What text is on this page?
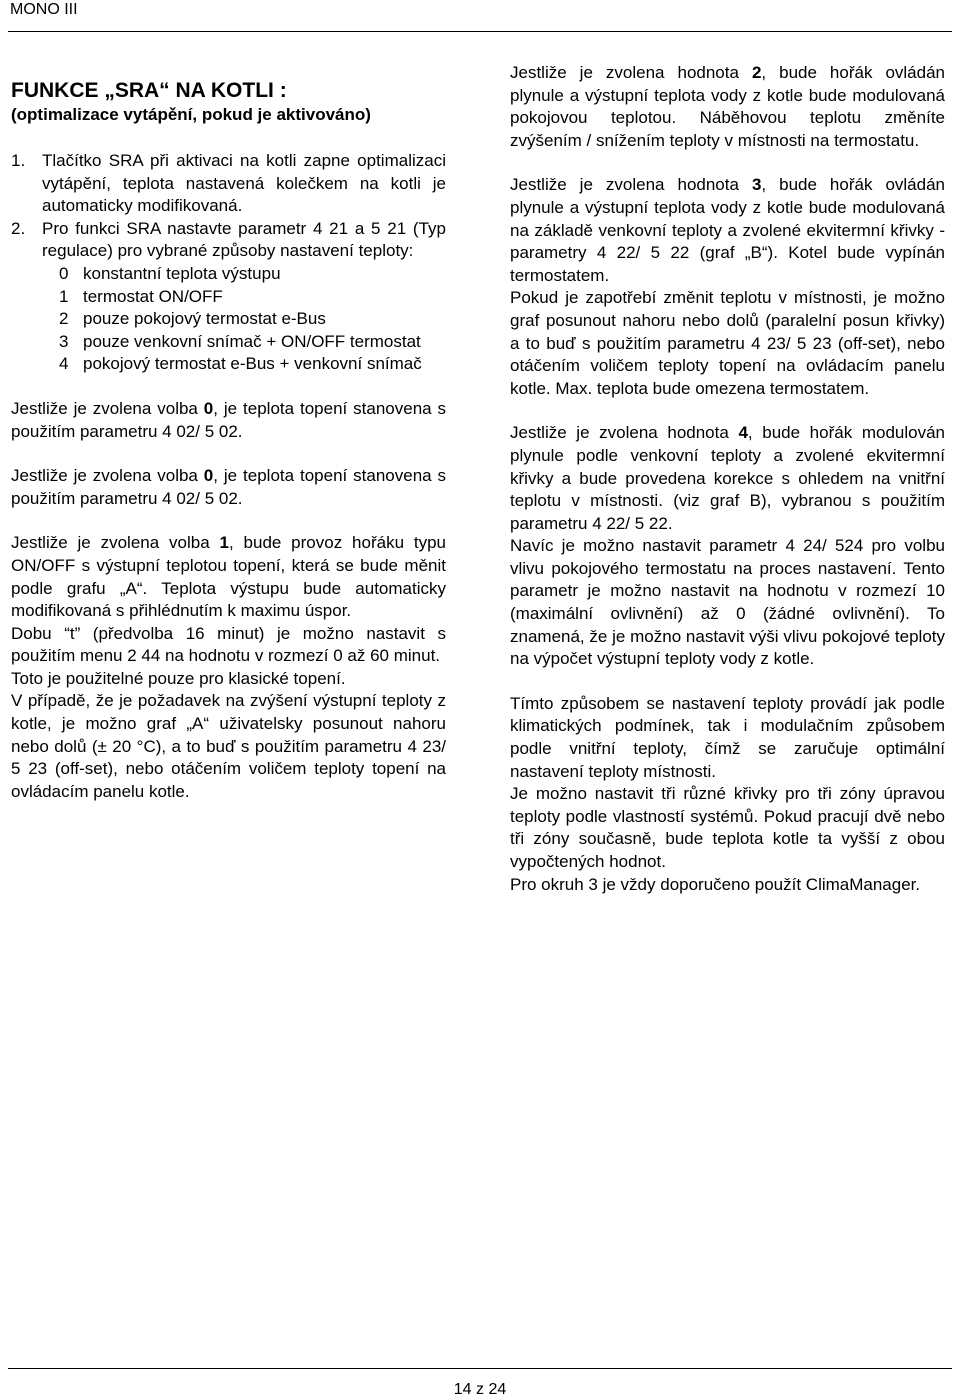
MONO III
FUNKCE „SRA“ NA KOTLI :
(optimalizace vytápění, pokud je aktivováno)
1. Tlačítko SRA při aktivaci na kotli zapne optimalizaci vytápění, teplota nastavená kolečkem na kotli je automaticky modifikovaná.
2. Pro funkci SRA nastavte parametr 4 21 a 5 21 (Typ regulace) pro vybrané způsoby nastavení teploty:
0 konstantní teplota výstupu
1 termostat ON/OFF
2 pouze pokojový termostat e-Bus
3 pouze venkovní snímač + ON/OFF termostat
4 pokojový termostat e-Bus + venkovní snímač
Jestliže je zvolena volba 0, je teplota topení stanovena s použitím parametru 4 02/ 5 02.
Jestliže je zvolena volba 0, je teplota topení stanovena s použitím parametru 4 02/ 5 02.
Jestliže je zvolena volba 1, bude provoz hořáku typu ON/OFF s výstupní teplotou topení, která se bude měnit podle grafu „A“. Teplota výstupu bude automaticky modifikovaná s přihlédnutím k maximu úspor.
Dobu “t” (předvolba 16 minut) je možno nastavit s použitím menu 2 44 na hodnotu v rozmezí 0 až 60 minut.
Toto je použitelné pouze pro klasické topení.
V případě, že je požadavek na zvýšení výstupní teploty z kotle, je možno graf „A“ uživatelsky posunout nahoru nebo dolů (± 20 °C), a to buď s použitím parametru 4 23/ 5 23 (off-set), nebo otáčením voličem teploty topení na ovládacím panelu kotle.
Jestliže je zvolena hodnota 2, bude hořák ovládán plynule a výstupní teplota vody z kotle bude modulovaná pokojovou teplotou. Náběhovou teplotu změníte zvýšením / snížením teploty v místnosti na termostatu.
Jestliže je zvolena hodnota 3, bude hořák ovládán plynule a výstupní teplota vody z kotle bude modulovaná na základě venkovní teploty a zvolené ekvitermní křivky - parametry 4 22/ 5 22 (graf „B“). Kotel bude vypínán termostatem.
Pokud je zapotřebí změnit teplotu v místnosti, je možno graf posunout nahoru nebo dolů (paralelní posun křivky) a to buď s použitím parametru 4 23/ 5 23 (off-set), nebo otáčením voličem teploty topení na ovládacím panelu kotle. Max. teplota bude omezena termostatem.
Jestliže je zvolena hodnota 4, bude hořák modulován plynule podle venkovní teploty a zvolené ekvitermní křivky a bude provedena korekce s ohledem na vnitřní teplotu v místnosti. (viz graf B), vybranou s použitím parametru 4 22/ 5 22.
Navíc je možno nastavit parametr 4 24/ 524 pro volbu vlivu pokojového termostatu na proces nastavení. Tento parametr je možno nastavit na hodnotu v rozmezí 10 (maximální ovlivnění) až 0 (žádné ovlivnění). To znamená, že je možno nastavit výši vlivu pokojové teploty na výpočet výstupní teploty vody z kotle.
Tímto způsobem se nastavení teploty provádí jak podle klimatických podmínek, tak i modulačním způsobem podle vnitřní teploty, čímž se zaručuje optimální nastavení teploty místnosti.
Je možno nastavit tři různé křivky pro tři zóny úpravou teploty podle vlastností systémů. Pokud pracují dvě nebo tři zóny současně, bude teplota kotle ta vyšší z obou vypočtených hodnot.
Pro okruh 3 je vždy doporučeno použít ClimaManager.
14 z 24
